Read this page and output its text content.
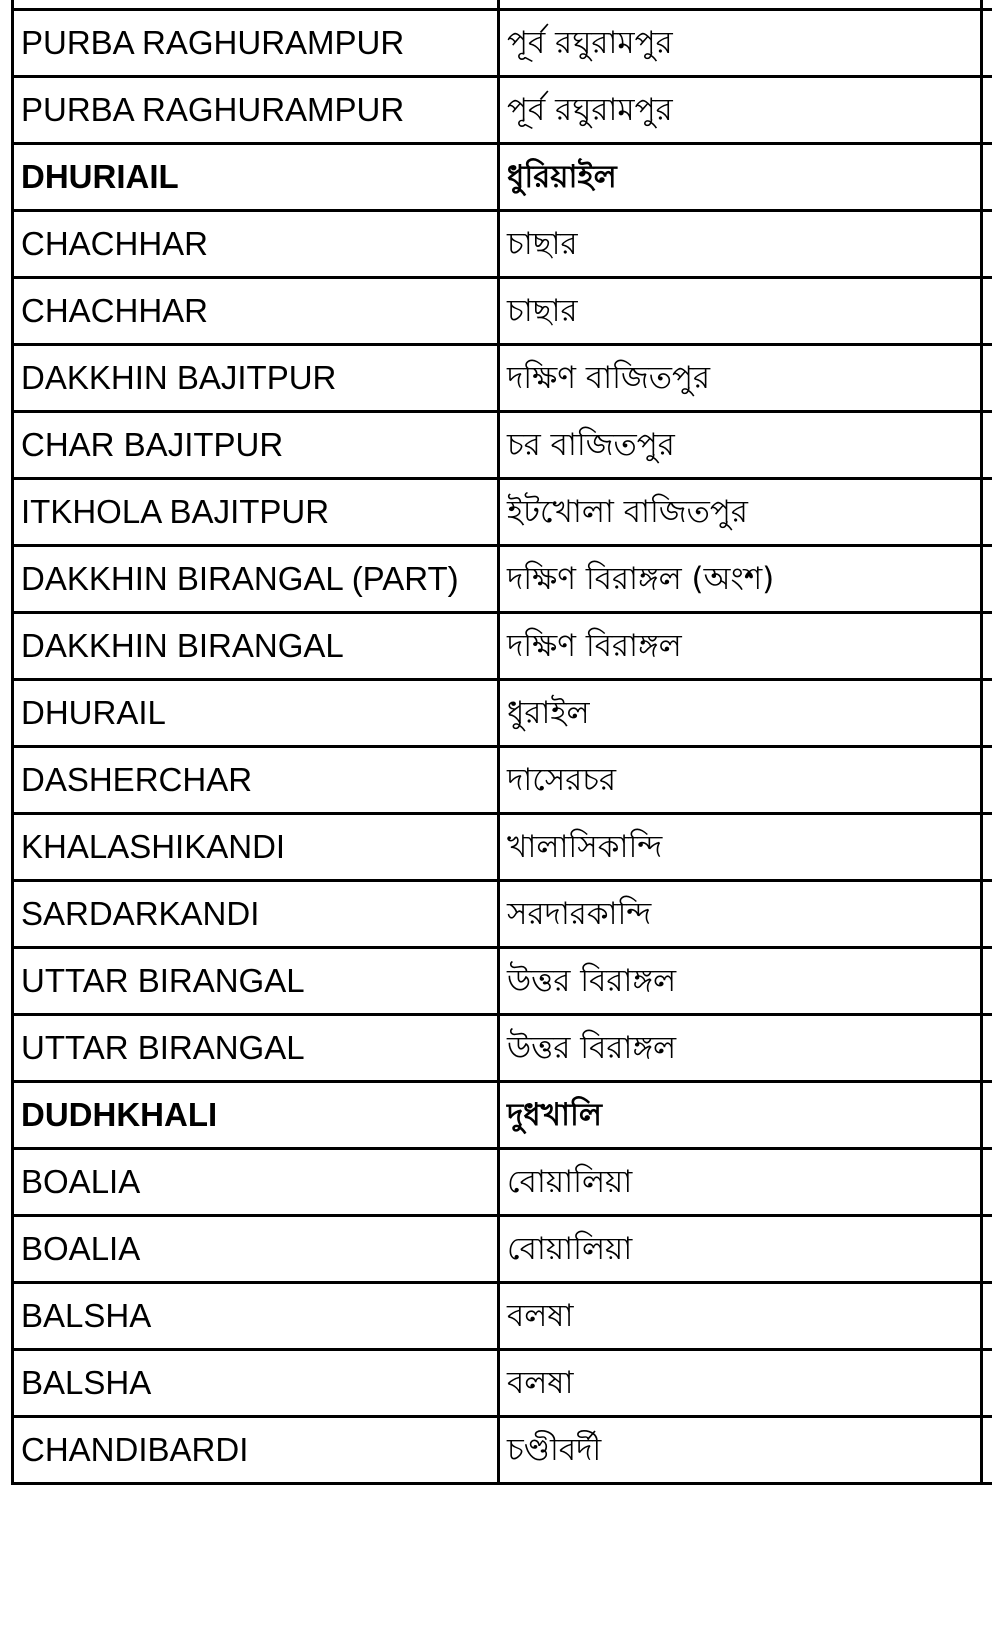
PURBA RAGHURAMPUR	পূর্ব রঘুরামপুর	
PURBA RAGHURAMPUR	পূর্ব রঘুরামপুর	
DHURIAIL	ধুরিয়াইল	
CHACHHAR	চাছার	
CHACHHAR	চাছার	
DAKKHIN BAJITPUR	দক্ষিণ বাজিতপুর	
CHAR BAJITPUR	চর বাজিতপুর	
ITKHOLA BAJITPUR	ইটখোলা বাজিতপুর	
DAKKHIN BIRANGAL (PART)	দক্ষিণ বিরাঙ্গল (অংশ)	
DAKKHIN BIRANGAL	দক্ষিণ বিরাঙ্গল	
DHURAIL	ধুরাইল	
DASHERCHAR	দাসেরচর	
KHALASHIKANDI	খালাসিকান্দি	
SARDARKANDI	সরদারকান্দি	
UTTAR BIRANGAL	উত্তর বিরাঙ্গল	
UTTAR BIRANGAL	উত্তর বিরাঙ্গল	
DUDHKHALI	দুধখালি	
BOALIA	বোয়ালিয়া	
BOALIA	বোয়ালিয়া	
BALSHA	বলষা	
BALSHA	বলষা	
CHANDIBARDI	চণ্ডীবর্দী	
